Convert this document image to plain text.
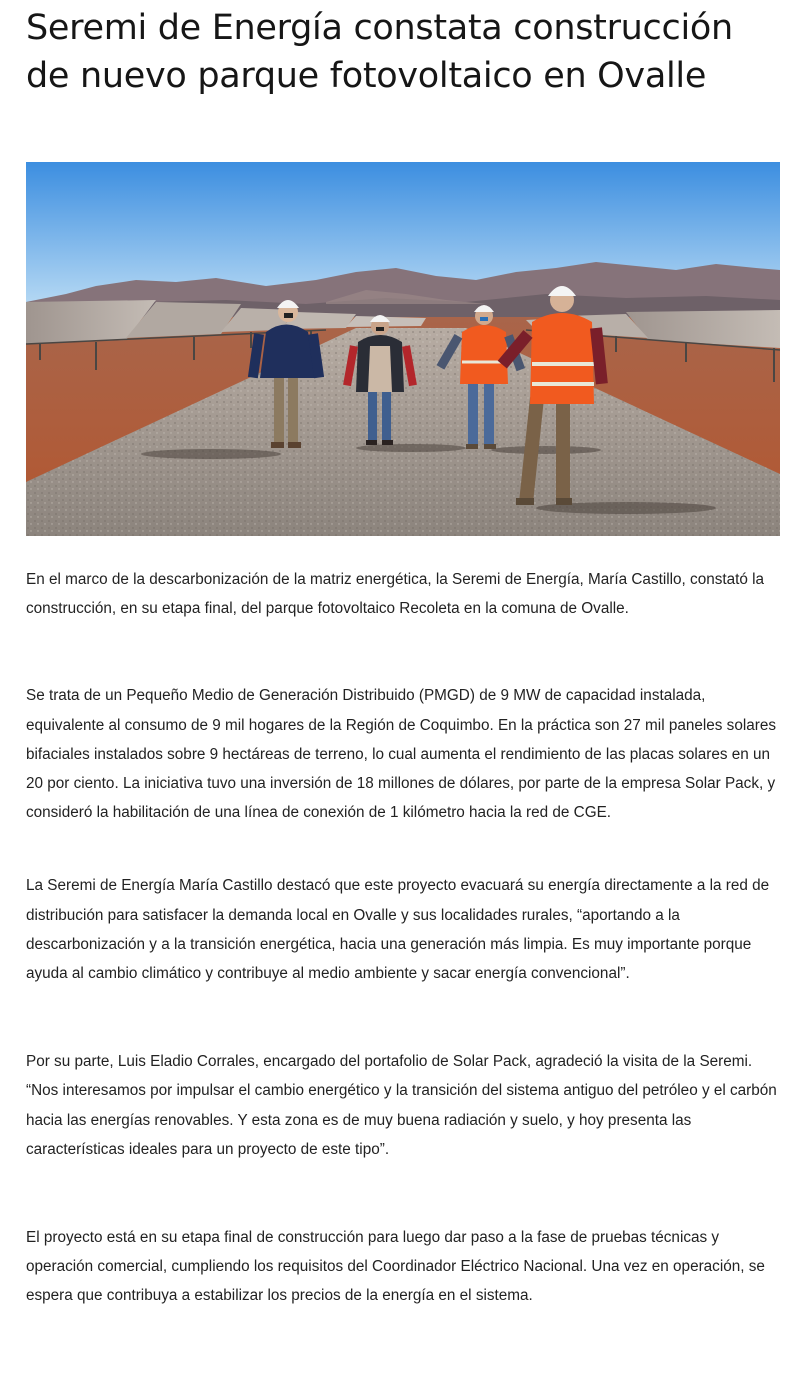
Seremi de Energía constata construcción de nuevo parque fotovoltaico en Ovalle

En el marco de la descarbonización de la matriz energética, la Seremi de Energía, María Castillo, constató la construcción, en su etapa final, del parque fotovoltaico Recoleta en la comuna de Ovalle.

Se trata de un Pequeño Medio de Generación Distribuido (PMGD) de 9 MW de capacidad instalada, equivalente al consumo de 9 mil hogares de la Región de Coquimbo. En la práctica son 27 mil paneles solares bifaciales instalados sobre 9 hectáreas de terreno, lo cual aumenta el rendimiento de las placas solares en un 20 por ciento. La iniciativa tuvo una inversión de 18 millones de dólares, por parte de la empresa Solar Pack, y consideró la habilitación de una línea de conexión de 1 kilómetro hacia la red de CGE.

La Seremi de Energía María Castillo destacó que este proyecto evacuará su energía directamente a la red de distribución para satisfacer la demanda local en Ovalle y sus localidades rurales, “aportando a la descarbonización y a la transición energética, hacia una generación más limpia. Es muy importante porque ayuda al cambio climático y contribuye al medio ambiente y sacar energía convencional”.

Por su parte, Luis Eladio Corrales, encargado del portafolio de Solar Pack, agradeció la visita de la Seremi. “Nos interesamos por impulsar el cambio energético y la transición del sistema antiguo del petróleo y el carbón hacia las energías renovables. Y esta zona es de muy buena radiación y suelo, y hoy presenta las características ideales para un proyecto de este tipo”.

El proyecto está en su etapa final de construcción para luego dar paso a la fase de pruebas técnicas y operación comercial, cumpliendo los requisitos del Coordinador Eléctrico Nacional. Una vez en operación, se espera que contribuya a estabilizar los precios de la energía en el sistema.
